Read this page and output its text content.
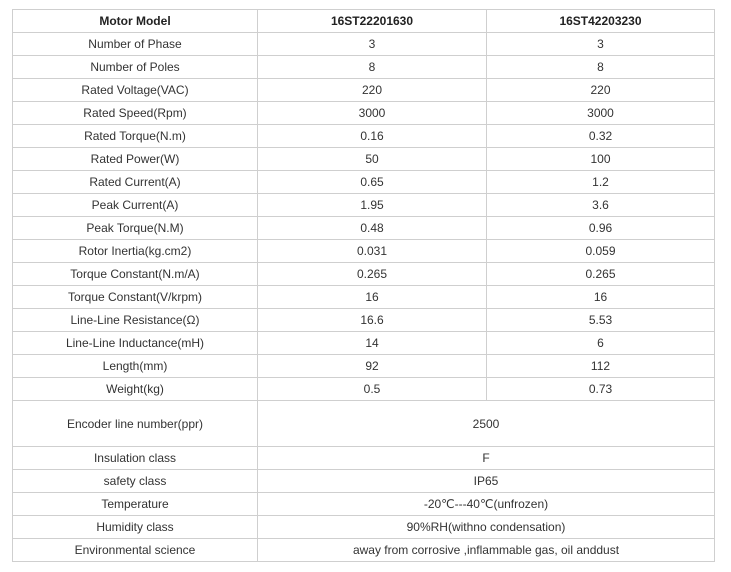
Motor Model	16ST22201630	16ST42203230
Number of Phase	3	3
Number of Poles	8	8
Rated Voltage(VAC)	220	220
Rated Speed(Rpm)	3000	3000
Rated Torque(N.m)	0.16	0.32
Rated Power(W)	50	100
Rated Current(A)	0.65	1.2
Peak Current(A)	1.95	3.6
Peak Torque(N.M)	0.48	0.96
Rotor Inertia(kg.cm2)	0.031	0.059
Torque Constant(N.m/A)	0.265	0.265
Torque Constant(V/krpm)	16	16
Line-Line Resistance(Ω)	16.6	5.53
Line-Line Inductance(mH)	14	6
Length(mm)	92	112
Weight(kg)	0.5	0.73
Encoder line number(ppr)	2500	
Insulation class	F	
safety class	IP65	
Temperature	-20℃---40℃(unfrozen)	
Humidity class	90%RH(withno condensation)	
Environmental science	away from corrosive ,inflammable gas, oil anddust	
